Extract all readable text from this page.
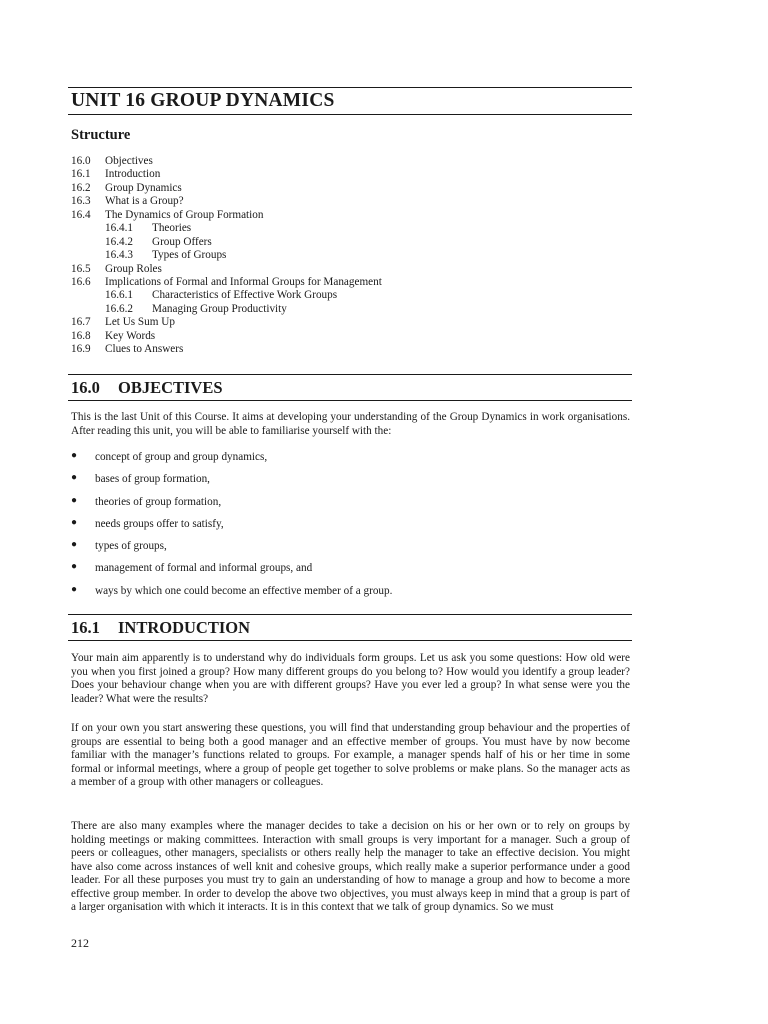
UNIT 16 GROUP DYNAMICS
Structure
16.0 Objectives
16.1 Introduction
16.2 Group Dynamics
16.3 What is a Group?
16.4 The Dynamics of Group Formation
16.4.1 Theories
16.4.2 Group Offers
16.4.3 Types of Groups
16.5 Group Roles
16.6 Implications of Formal and Informal Groups for Management
16.6.1 Characteristics of Effective Work Groups
16.6.2 Managing Group Productivity
16.7 Let Us Sum Up
16.8 Key Words
16.9 Clues to Answers
16.0 OBJECTIVES
This is the last Unit of this Course. It aims at developing your understanding of the Group Dynamics in work organisations. After reading this unit, you will be able to familiarise yourself with the:
● concept of group and group dynamics,
● bases of group formation,
● theories of group formation,
● needs groups offer to satisfy,
● types of groups,
● management of formal and informal groups, and
● ways by which one could become an effective member of a group.
16.1 INTRODUCTION
Your main aim apparently is to understand why do individuals form groups. Let us ask you some questions: How old were you when you first joined a group? How many different groups do you belong to? How would you identify a group leader? Does your behaviour change when you are with different groups? Have you ever led a group? In what sense were you the leader? What were the results?
If on your own you start answering these questions, you will find that understanding group behaviour and the properties of groups are essential to being both a good manager and an effective member of groups. You must have by now become familiar with the manager’s functions related to groups. For example, a manager spends half of his or her time in some formal or informal meetings, where a group of people get together to solve problems or make plans. So the manager acts as a member of a group with other managers or colleagues.
There are also many examples where the manager decides to take a decision on his or her own or to rely on groups by holding meetings or making committees. Interaction with small groups is very important for a manager. Such a group of peers or colleagues, other managers, specialists or others really help the manager to take an effective decision. You might have also come across instances of well knit and cohesive groups, which really make a superior performance under a good leader. For all these purposes you must try to gain an understanding of how to manage a group and how to become a more effective group member. In order to develop the above two objectives, you must always keep in mind that a group is part of a larger organisation with which it interacts. It is in this context that we talk of group dynamics. So we must
212
